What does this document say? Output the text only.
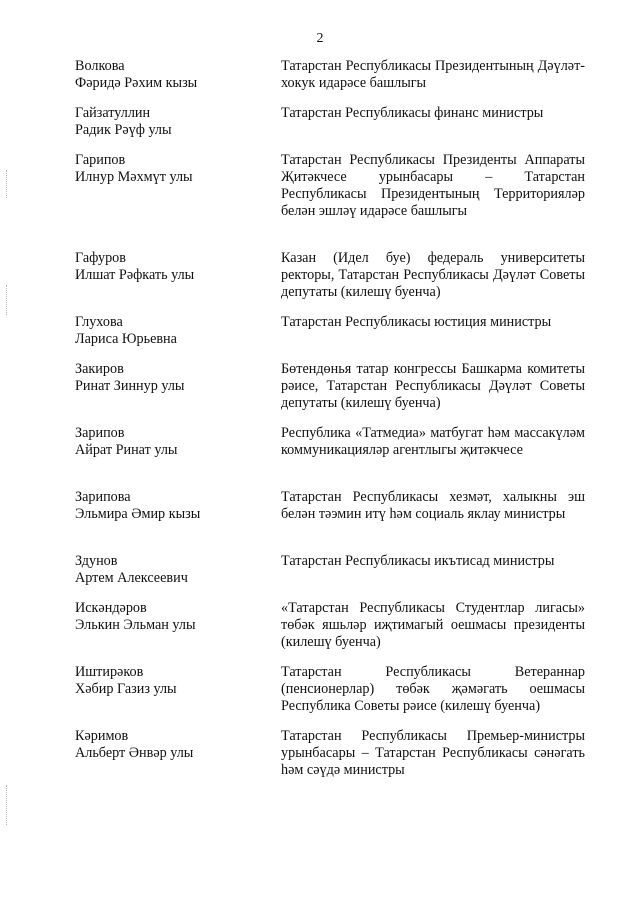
2
Волкова
Фәридә Рәхим кызы
Татарстан Республикасы Президентының Дәүләт-хокук идарәсе башлыгы
Гайзатуллин
Радик Рәүф улы
Татарстан Республикасы финанс министры
Гарипов
Илнур Мәхмүт улы
Татарстан Республикасы Президенты Аппараты Җитәкчесе урынбасары – Татарстан Республикасы Президентының Территорияләр белән эшләү идарәсе башлыгы
Гафуров
Илшат Рәфкать улы
Казан (Идел буе) федераль университеты ректоры, Татарстан Республикасы Дәүләт Советы депутаты (килешү буенча)
Глухова
Лариса Юрьевна
Татарстан Республикасы юстиция министры
Закиров
Ринат Зиннур улы
Бөтендөнья татар конгрессы Башкарма комитеты рәисе, Татарстан Республикасы Дәүләт Советы депутаты (килешү буенча)
Зарипов
Айрат Ринат улы
Республика «Татмедиа» матбугат һәм массакүләм коммуникацияләр агентлыгы җитәкчесе
Зарипова
Эльмира Әмир кызы
Татарстан Республикасы хезмәт, халыкны эш белән тәэмин итү һәм социаль яклау министры
Здунов
Артем Алексеевич
Татарстан Республикасы икътисад министры
Искәндәров
Элькин Эльман улы
«Татарстан Республикасы Студентлар лигасы» төбәк яшьләр иҗтимагый оешмасы президенты (килешү буенча)
Иштирәков
Хәбир Газиз улы
Татарстан Республикасы Ветераннар (пенсионерлар) төбәк җәмәгать оешмасы Республика Советы рәисе (килешү буенча)
Кәримов
Альберт Әнвәр улы
Татарстан Республикасы Премьер-министры урынбасары – Татарстан Республикасы сәнәгать һәм сәүдә министры
